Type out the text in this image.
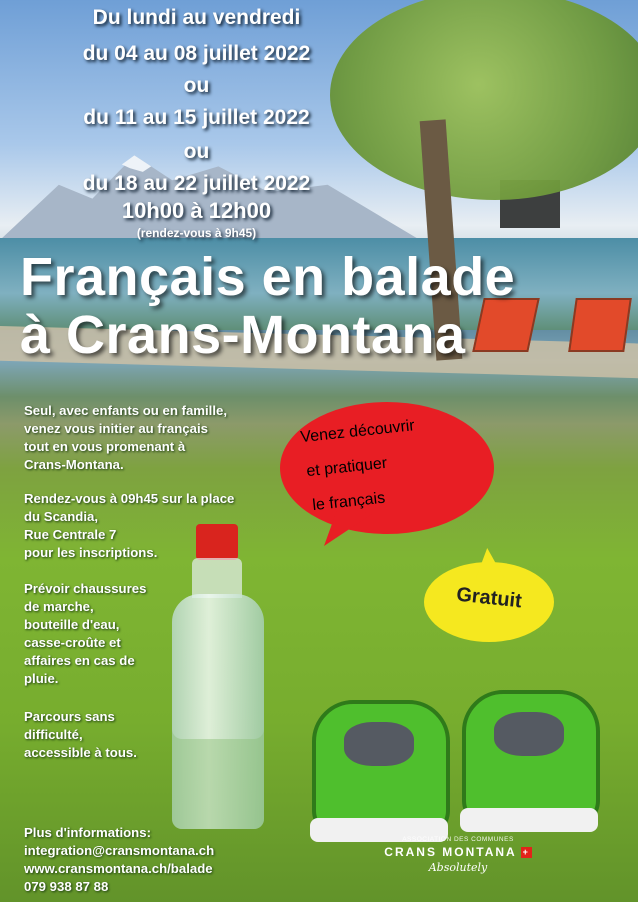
Du lundi au vendredi
du 04 au 08 juillet 2022
ou
du 11 au 15 juillet 2022
ou
du 18 au 22 juillet 2022
10h00 à 12h00
(rendez-vous à 9h45)
Français en balade
à Crans-Montana
Seul, avec enfants ou en famille,
venez vous initier au français
tout en vous promenant à
Crans-Montana.
Rendez-vous à 09h45 sur la place
du Scandia,
Rue Centrale 7
pour les inscriptions.
Prévoir chaussures
de marche,
bouteille d'eau,
casse-croûte et
affaires en cas de
pluie.
Parcours sans
difficulté,
accessible à tous.
Plus d'informations:
integration@cransmontana.ch
www.cransmontana.ch/balade
079 938 87 88
Venez découvrir
et pratiquer
le français
Gratuit
ASSOCIATION DES COMMUNES
CRANS MONTANA +
Absolutely
